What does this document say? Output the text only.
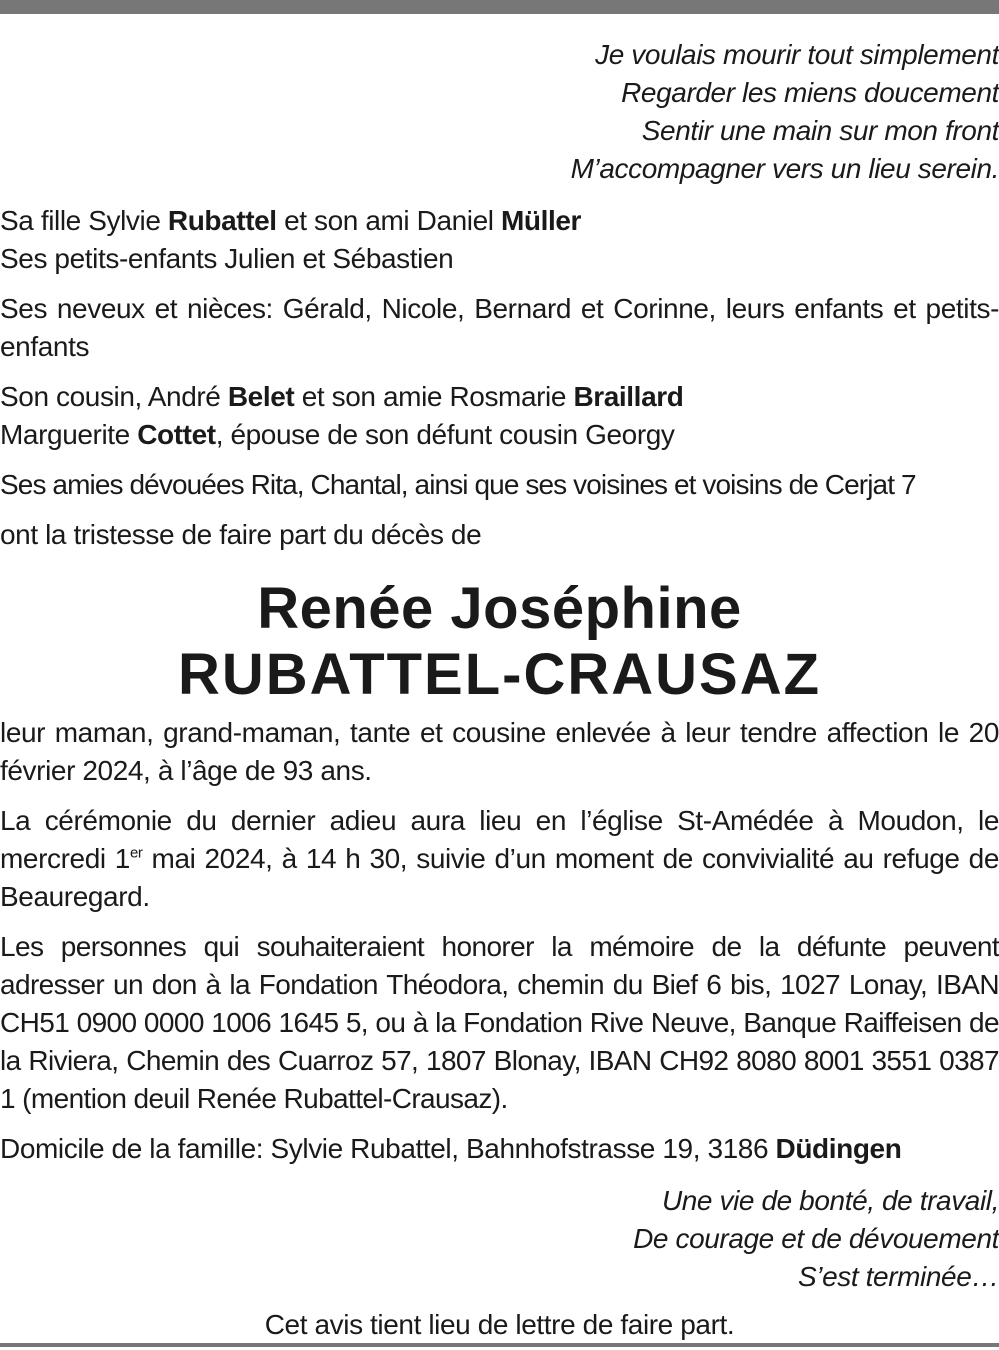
Je voulais mourir tout simplement
Regarder les miens doucement
Sentir une main sur mon front
M’accompagner vers un lieu serein.
Sa fille Sylvie Rubattel et son ami Daniel Müller
Ses petits-enfants Julien et Sébastien

Ses neveux et nièces: Gérald, Nicole, Bernard et Corinne, leurs enfants et petits-enfants

Son cousin, André Belet et son amie Rosmarie Braillard
Marguerite Cottet, épouse de son défunt cousin Georgy

Ses amies dévouées Rita, Chantal, ainsi que ses voisines et voisins de Cerjat 7

ont la tristesse de faire part du décès de

Renée Joséphine
RUBATTEL-CRAUSAZ

leur maman, grand-maman, tante et cousine enlevée à leur tendre affection le 20 février 2024, à l’âge de 93 ans.

La cérémonie du dernier adieu aura lieu en l’église St-Amédée à Moudon, le mercredi 1er mai 2024, à 14 h 30, suivie d’un moment de convivialité au refuge de Beauregard.

Les personnes qui souhaiteraient honorer la mémoire de la défunte peuvent adresser un don à la Fondation Théodora, chemin du Bief 6 bis, 1027 Lonay, IBAN CH51 0900 0000 1006 1645 5, ou à la Fondation Rive Neuve, Banque Raiffeisen de la Riviera, Chemin des Cuarroz 57, 1807 Blonay, IBAN CH92 8080 8001 3551 0387 1 (mention deuil Renée Rubattel-Crausaz).

Domicile de la famille: Sylvie Rubattel, Bahnhofstrasse 19, 3186 Düdingen

Une vie de bonté, de travail,
De courage et de dévouement
S’est terminée…

Cet avis tient lieu de lettre de faire part.
